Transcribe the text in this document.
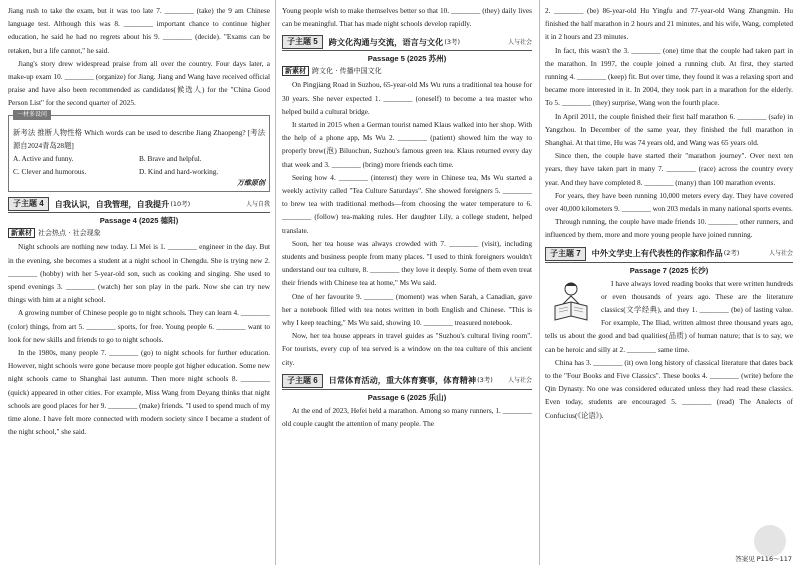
Jiang rush to take the exam, but it was too late 7. ________ (take) the 9 am Chinese language test. Although this was 8. ________ important chance to continue higher education, he said he had no regrets about his 9. ________ (decide). "Exams can be retaken, but a life cannot," he said.

Jiang's story drew widespread praise from all over the country. Four days later, a make-up exam 10. ________ (organize) for Jiang. Jiang and Wang have received official praise and have also been recommended as candidates(候选人) for the "China Good Person List" for the second quarter of 2025.

一材多设问

新考法 推断人物性格 Which words can be used to describe Jiang Zhaopeng? [考法源自2024青岛28题]

A. Active and funny.	B. Brave and helpful.
C. Clever and humorous.	D. Kind and hard-working.
万维原创
子主题 4	自我认识，自我管理，自我提升 (10考)	人与自我
Passage 4 (2025 德阳)
新素材 社会热点 · 社会现象

Night schools are nothing new today. Li Mei is 1. ________ engineer in the day. But in the evening, she becomes a student at a night school in Chengdu. She is trying new 2. ________ (hobby) with her 5-year-old son, such as cooking and singing. She used to spend evenings 3. ________ (watch) her son play in the park. Now she can try new things with him at a night school.

A growing number of Chinese people go to night schools. They can learn 4. ________ (color) things, from art 5. ________ sports, for free. Young people 6. ________ want to look for new skills and friends to go to night schools.

In the 1980s, many people 7. ________ (go) to night schools for further education. However, night schools were gone because more people got higher education. Some new night schools came to Shanghai last autumn. Then more night schools 8. ________ (quick) appeared in other cities. For example, Miss Wang from Deyang thinks that night schools are good places for her 9. ________ (make) friends. "I used to spend much of my time alone. I have felt more connected with modern society since I became a student of the night school," she said.

Young people wish to make themselves better so that 10. ________ (they) daily lives can be meaningful. That has made night schools develop rapidly.

子主题 5	跨文化沟通与交流，语言与文化 (3考)	人与社会
Passage 5 (2025 苏州)
新素材 跨文化 · 传播中国文化

On Pingjiang Road in Suzhou, 65-year-old Ms Wu runs a traditional tea house for 30 years. She never expected 1. ________ (oneself) to become a tea master who helped build a cultural bridge.

It started in 2015 when a German tourist named Klaus walked into her shop. With the help of a phone app, Ms Wu 2. ________ (patient) showed him the way to properly brew(泡) Biluochun, Suzhou's famous green tea. Klaus returned every day that week and 3. ________ (bring) more friends each time.

Seeing how 4. ________ (interest) they were in Chinese tea, Ms Wu started a weekly activity called "Tea Culture Saturdays". She showed foreigners 5. ________ to brew tea with traditional methods—from choosing the water temperature to 6. ________ (follow) tea-making rules. Her daughter Lily, a college student, helped translate.

Soon, her tea house was always crowded with 7. ________ (visit), including students and business people from many places. "I used to think foreigners wouldn't understand our tea culture, 8. ________ they love it deeply. Some of them even treat their friends with Chinese tea at home," Ms Wu said.

One of her favourite 9. ________ (moment) was when Sarah, a Canadian, gave her a notebook filled with tea notes written in both English and Chinese. "This is why I keep teaching," Ms Wu said, showing 10. ________ treasured notebook.

Now, her tea house appears in travel guides as "Suzhou's cultural living room". For tourists, every cup of tea served is a window on the tea culture of this ancient city.

子主题 6	日常体育活动，重大体育赛事，体育精神 (3考)	人与社会
Passage 6 (2025 乐山)

At the end of 2023, Hefei held a marathon. Among so many runners, 1. ________ old couple caught the attention of many people. The

2. ________ (be) 86-year-old Hu Yingfu and 77-year-old Wang Zhangmin. Hu finished the half marathon in 2 hours and 21 minutes, and his wife, Wang, completed it in 2 hours and 23 minutes.

In fact, this wasn't the 3. ________ (one) time that the couple had taken part in the marathon. In 1997, the couple joined a running club. At first, they started running 4. ________ (keep) fit. But over time, they found it was a relaxing sport and became more interested in it. In 2004, they took part in a marathon for the elderly. To 5. ________ (they) surprise, Wang won the fourth place.

In April 2011, the couple finished their first half marathon 6. ________ (safe) in Yangzhou. In December of the same year, they finished the full marathon in Shanghai. At that time, Hu was 74 years old, and Wang was 65 years old.

Since then, the couple have started their "marathon journey". Over next ten years, they have taken part in many 7. ________ (race) across the country every year. And they have completed 8. ________ (many) than 100 marathon events.

For years, they have been running 10,000 meters every day. They have covered over 40,000 kilometers 9. ________ won 203 medals in many national sports events.

Through running, the couple have made friends 10. ________ other runners, and influenced by them, more and more young people have joined running.

子主题 7	中外文学史上有代表性的作家和作品 (2考)	人与社会
Passage 7 (2025 长沙)

I have always loved reading books that were written hundreds or even thousands of years ago. These are the literature classics(文学经典), and they 1. ________ (be) of lasting value. For example, The Iliad, written almost three thousand years ago, tells us about the good and bad qualities(品质) of human nature; that is to say, we can be heroic and silly at 2. ________ same time.

China has 3. ________ (it) own long history of classical literature that dates back to the "Four Books and Five Classics". These books 4. ________ (write) before the Qin Dynasty. No one was considered educated unless they had read these classics. Even today, students are encouraged 5. ________ (read) The Analects of Confucius(《论语》).

答案见 P116～117
